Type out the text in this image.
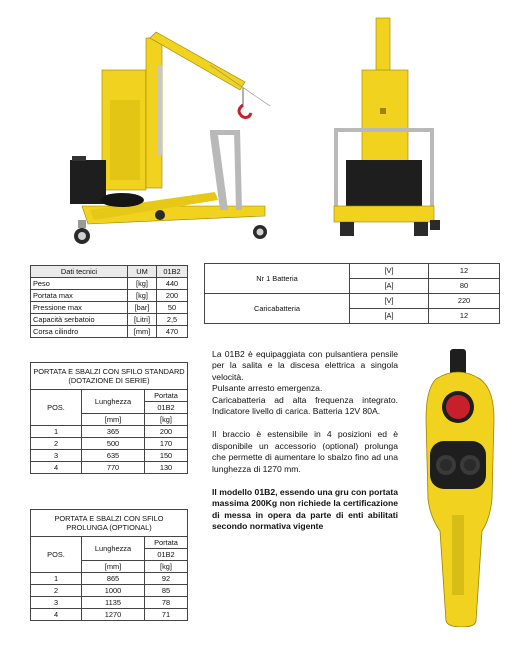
Dati tecnici	UM	01B2
Peso	[kg]	440
Portata max	[kg]	200
Pressione max	[bar]	50
Capacità serbatoio	[Litri]	2,5
Corsa cilindro	[mm]	470
Nr 1 Batteria	[V]	12
	[A]	80
Caricabatteria	[V]	220
	[A]	12
PORTATA E SBALZI CON SFILO STANDARD (DOTAZIONE DI SERIE)		
POS.	Lunghezza	Portata
		01B2
	[mm]	[kg]
1	365	200
2	500	170
3	635	150
4	770	130
PORTATA E SBALZI CON SFILO PROLUNGA (OPTIONAL)		
POS.	Lunghezza	Portata
		01B2
	[mm]	[kg]
1	865	92
2	1000	85
3	1135	78
4	1270	71

La 01B2 è equipaggiata con pulsantiera pensile per la salita e la discesa elettrica a singola velocità.

Pulsante arresto emergenza.

Caricabatteria ad alta frequenza integrato. Indicatore livello di carica. Batteria 12V 80A.

Il braccio è estensibile in 4 posizioni ed è disponibile un accessorio (optional) prolunga che permette di aumentare lo sbalzo fino ad una lunghezza di 1270 mm.

Il modello 01B2, essendo una gru con portata massima 200Kg non richiede la certificazione di messa in opera da parte di enti abilitati secondo normativa vigente
